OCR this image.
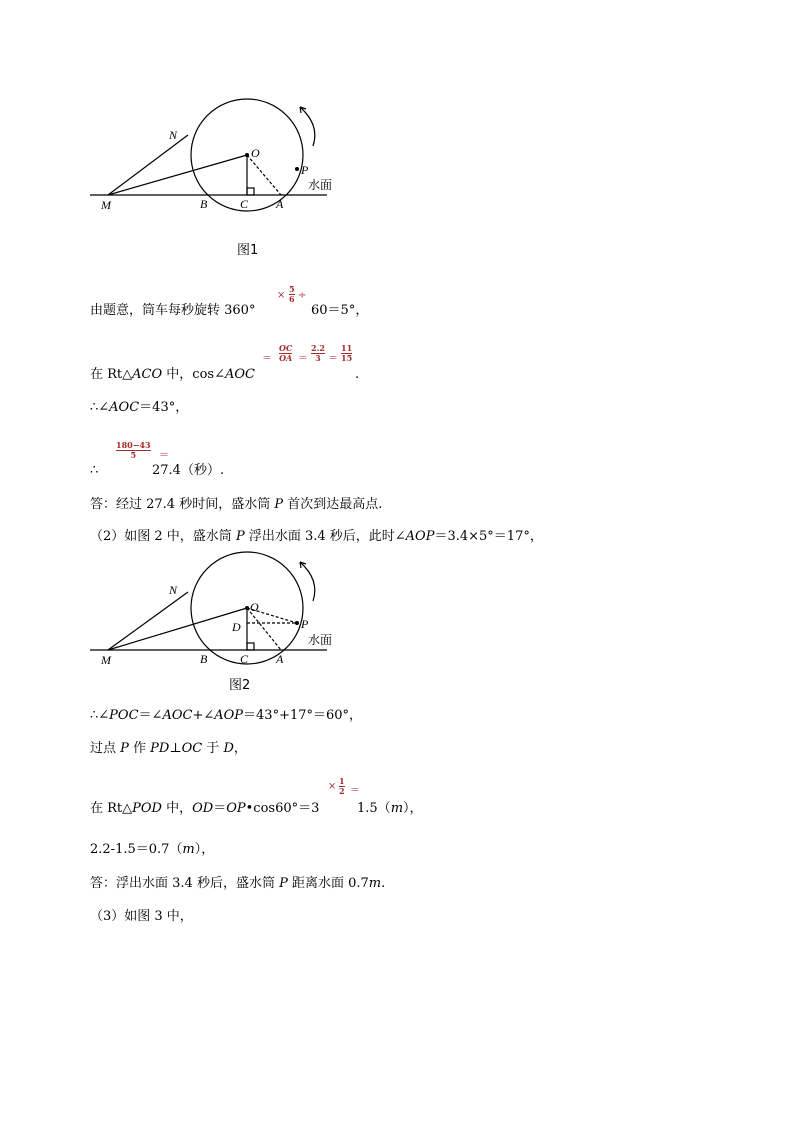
N
O
P
水面
M	B	C A
图1
由题意，筒车每秒旋转 360°
×
5
6 ÷
60＝5°，
在 Rt△ACO 中，cos∠AOC
＝
OC
OA ＝
2.2
3 ＝
11
15
.
∴∠AOC＝43°，
∴
180−43
5 ＝
27.4（秒）.
答：经过 27.4 秒时间，盛水筒 P 首次到达最高点.
（2）如图 2 中，盛水筒 P 浮出水面 3.4 秒后，此时∠AOP＝3.4×5°＝17°，
N
O
P
D
水面
M	B	C A
图2
∴∠POC＝∠AOC+∠AOP＝43°+17°＝60°，
过点 P 作 PD⊥OC 于 D，
在 Rt△POD 中，OD＝OP•cos60°＝3
× 1
2 ＝
1.5（m），
2.2-1.5＝0.7（m），
答：浮出水面 3.4 秒后，盛水筒 P 距离水面 0.7m.
（3）如图 3 中，
